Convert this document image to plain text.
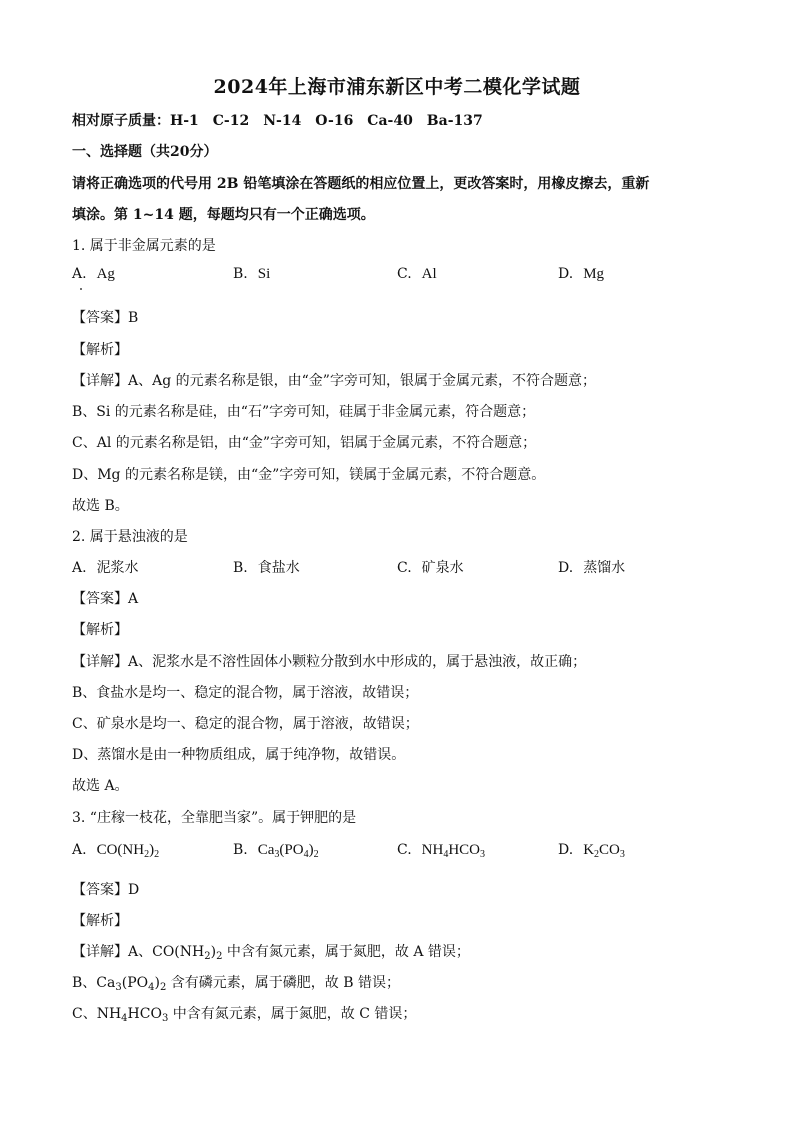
2024年上海市浦东新区中考二模化学试题
相对原子质量：H-1　C-12　N-14　O-16　Ca-40　Ba-137
一、选择题（共20分）
请将正确选项的代号用 2B 铅笔填涂在答题纸的相应位置上，更改答案时，用橡皮擦去，重新
填涂。第 1~14 题，每题均只有一个正确选项。
1. 属于非金属元素的是
A. Ag	B. Si	C. Al	D. Mg
【答案】B
【解析】
【详解】A、Ag 的元素名称是银，由“金”字旁可知，银属于金属元素，不符合题意；
B、Si 的元素名称是硅，由“石”字旁可知，硅属于非金属元素，符合题意；
C、Al 的元素名称是铝，由“金”字旁可知，铝属于金属元素，不符合题意；
D、Mg 的元素名称是镁，由“金”字旁可知，镁属于金属元素，不符合题意。
故选 B。
2. 属于悬浊液的是
A. 泥浆水	B. 食盐水	C. 矿泉水	D. 蒸馏水
【答案】A
【解析】
【详解】A、泥浆水是不溶性固体小颗粒分散到水中形成的，属于悬浊液，故正确；
B、食盐水是均一、稳定的混合物，属于溶液，故错误；
C、矿泉水是均一、稳定的混合物，属于溶液，故错误；
D、蒸馏水是由一种物质组成，属于纯净物，故错误。
故选 A。
3. “庄稼一枝花，全靠肥当家”。属于钾肥的是
A. $CO(NH_2)_2$	B. $Ca_3(PO_4)_2$	C. $NH_4HCO_3$	D. $K_2CO_3$
【答案】D
【解析】
【详解】A、$CO(NH_2)_2$ 中含有氮元素，属于氮肥，故 A 错误；
B、$Ca_3(PO_4)_2$ 含有磷元素，属于磷肥，故 B 错误；
C、$NH_4HCO_3$ 中含有氮元素，属于氮肥，故 C 错误；
